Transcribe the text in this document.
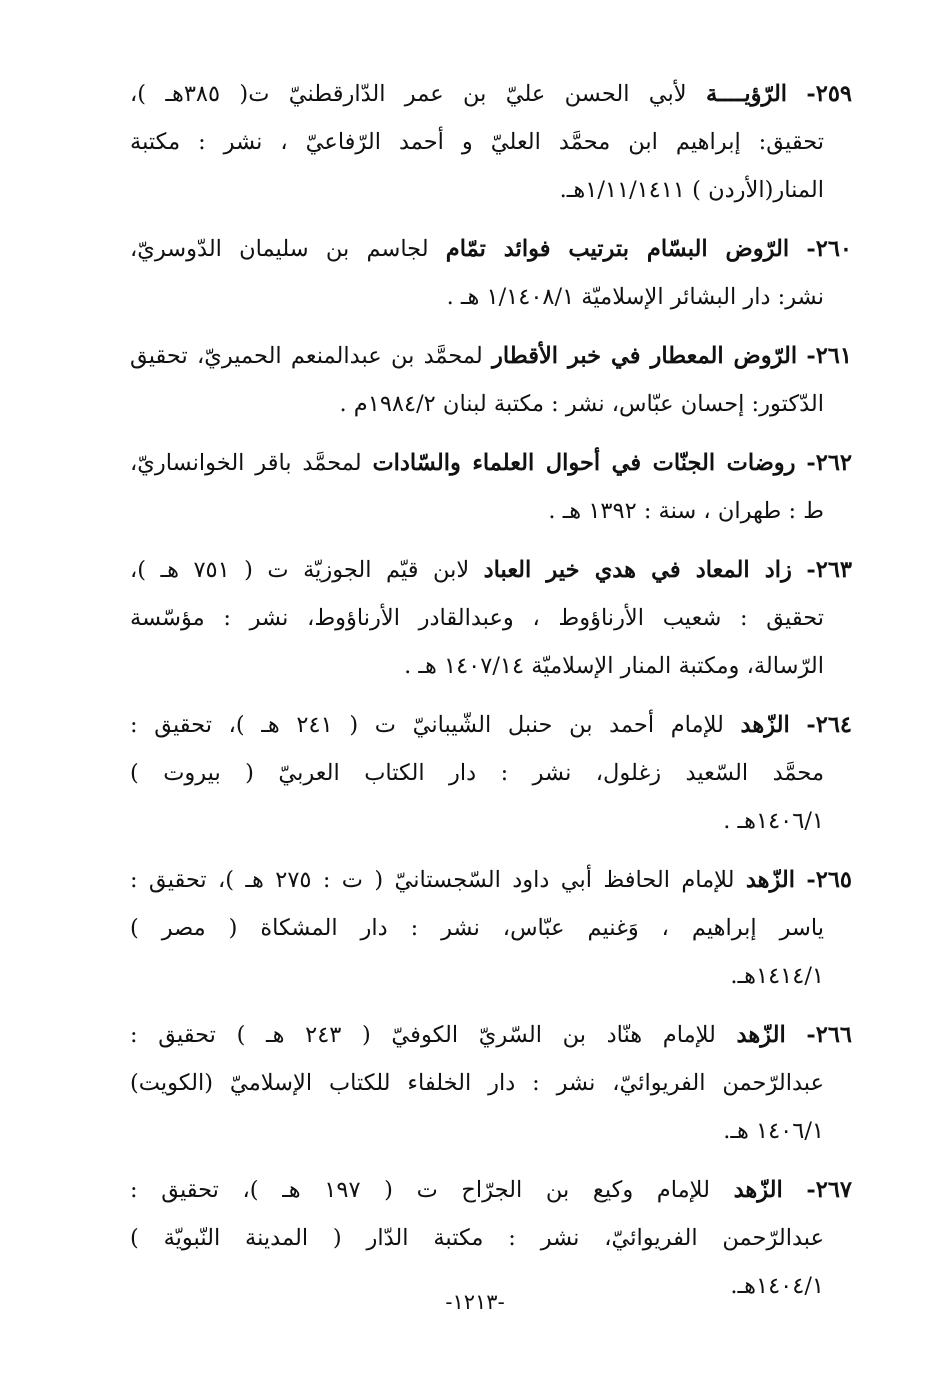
٢٥٩- الرّؤيــــة لأبي الحسن عليّ بن عمر الدّارقطنيّ ت( ٣٨٥هـ )،
تحقيق: إبراهيم ابن محمَّد العليّ و أحمد الرّفاعيّ ، نشر : مكتبة
المنار(الأردن ) ١/١١/١٤١١هـ.
٢٦٠- الرّوض البسّام بترتيب فوائد تمّام لجاسم بن سليمان الدّوسريّ،
نشر: دار البشائر الإسلاميّة ١/١٤٠٨/١ هـ .
٢٦١- الرّوض المعطار في خبر الأقطار لمحمَّد بن عبدالمنعم الحميريّ، تحقيق
الدّكتور: إحسان عبّاس، نشر : مكتبة لبنان ١٩٨٤/٢م .
٢٦٢- روضات الجنّات في أحوال العلماء والسّادات لمحمَّد باقر الخوانساريّ،
ط : طهران ، سنة : ١٣٩٢ هـ .
٢٦٣- زاد المعاد في هدي خير العباد لابن قيّم الجوزيّة ت ( ٧٥١ هـ )،
تحقيق : شعيب الأرناؤوط ، وعبدالقادر الأرناؤوط، نشر : مؤسّسة
الرّسالة، ومكتبة المنار الإسلاميّة ١٤٠٧/١٤ هـ .
٢٦٤- الزّهد للإمام أحمد بن حنبل الشّيبانيّ ت ( ٢٤١ هـ )، تحقيق :
محمَّد السّعيد زغلول، نشر : دار الكتاب العربيّ ( بيروت )
١٤٠٦/١هـ .
٢٦٥- الزّهد للإمام الحافظ أبي داود السّجستانيّ ( ت : ٢٧٥ هـ )، تحقيق :
ياسر إبراهيم ، وَغنيم عبّاس، نشر : دار المشكاة ( مصر )
١٤١٤/١هـ.
٢٦٦- الزّهد للإمام هنّاد بن السّريّ الكوفيّ ( ٢٤٣ هـ ) تحقيق :
عبدالرّحمن الفريوائيّ، نشر : دار الخلفاء للكتاب الإسلاميّ (الكويت)
١٤٠٦/١ هـ.
٢٦٧- الزّهد للإمام وكيع بن الجرّاح ت ( ١٩٧ هـ )، تحقيق :
عبدالرّحمن الفريوائيّ، نشر : مكتبة الدّار ( المدينة النّبويّة )
١٤٠٤/١هـ.
-١٢١٣-
